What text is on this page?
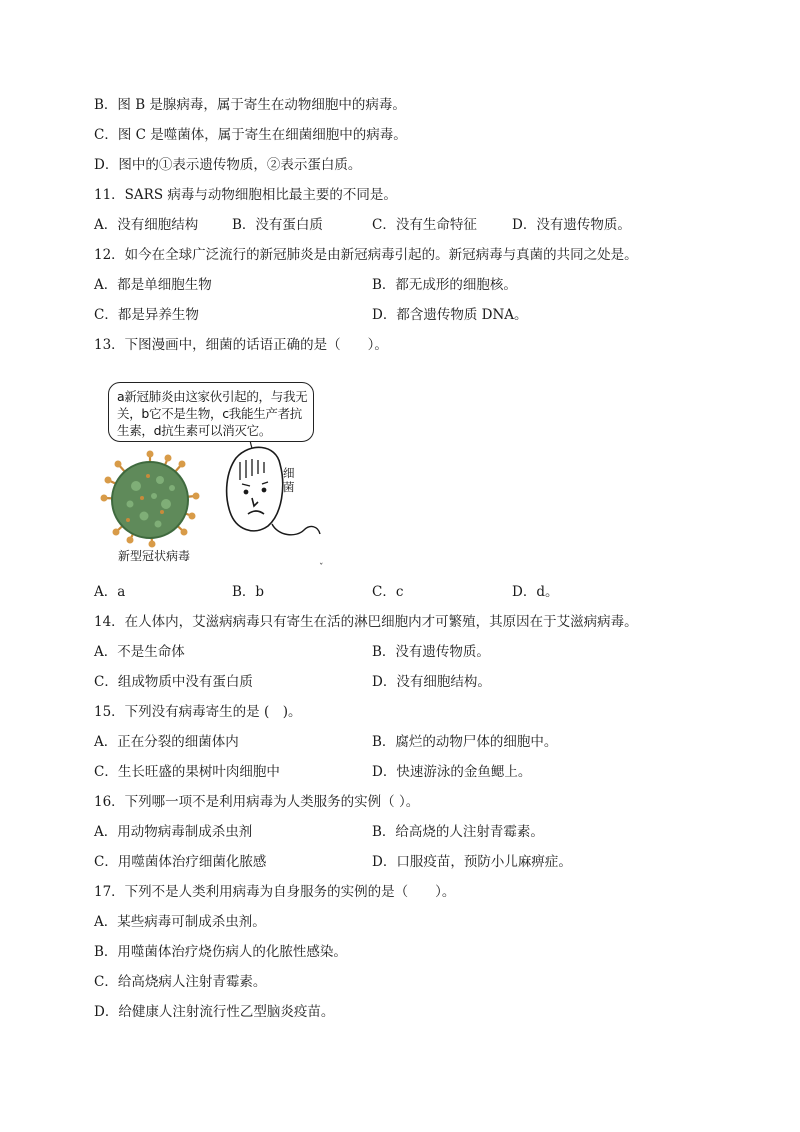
B．图 B 是腺病毒，属于寄生在动物细胞中的病毒。
C．图 C 是噬菌体，属于寄生在细菌细胞中的病毒。
D．图中的①表示遗传物质，②表示蛋白质。
11．SARS 病毒与动物细胞相比最主要的不同是。
A．没有细胞结构	B．没有蛋白质	C．没有生命特征	D．没有遗传物质。
12．如今在全球广泛流行的新冠肺炎是由新冠病毒引起的。新冠病毒与真菌的共同之处是。
A．都是单细胞生物	B．都无成形的细胞核。
C．都是异养生物	D．都含遗传物质 DNA。
13．下图漫画中，细菌的话语正确的是（　　）。
ˇ
a新冠肺炎由这家伙引起的，与我无关，b它不是生物，c我能生产者抗生素，d抗生素可以消灭它。
新型冠状病毒
细菌
A．a	B．b	C．c	D．d。
14．在人体内，艾滋病病毒只有寄生在活的淋巴细胞内才可繁殖，其原因在于艾滋病病毒。
A．不是生命体	B．没有遗传物质。
C．组成物质中没有蛋白质	D．没有细胞结构。
15．下列没有病毒寄生的是 (　)。
A．正在分裂的细菌体内	B．腐烂的动物尸体的细胞中。
C．生长旺盛的果树叶肉细胞中	D．快速游泳的金鱼鳃上。
16．下列哪一项不是利用病毒为人类服务的实例（ ）。
A．用动物病毒制成杀虫剂	B．给高烧的人注射青霉素。
C．用噬菌体治疗细菌化脓感	D．口服疫苗，预防小儿麻痹症。
17．下列不是人类利用病毒为自身服务的实例的是（　　）。
A．某些病毒可制成杀虫剂。
B．用噬菌体治疗烧伤病人的化脓性感染。
C．给高烧病人注射青霉素。
D．给健康人注射流行性乙型脑炎疫苗。
